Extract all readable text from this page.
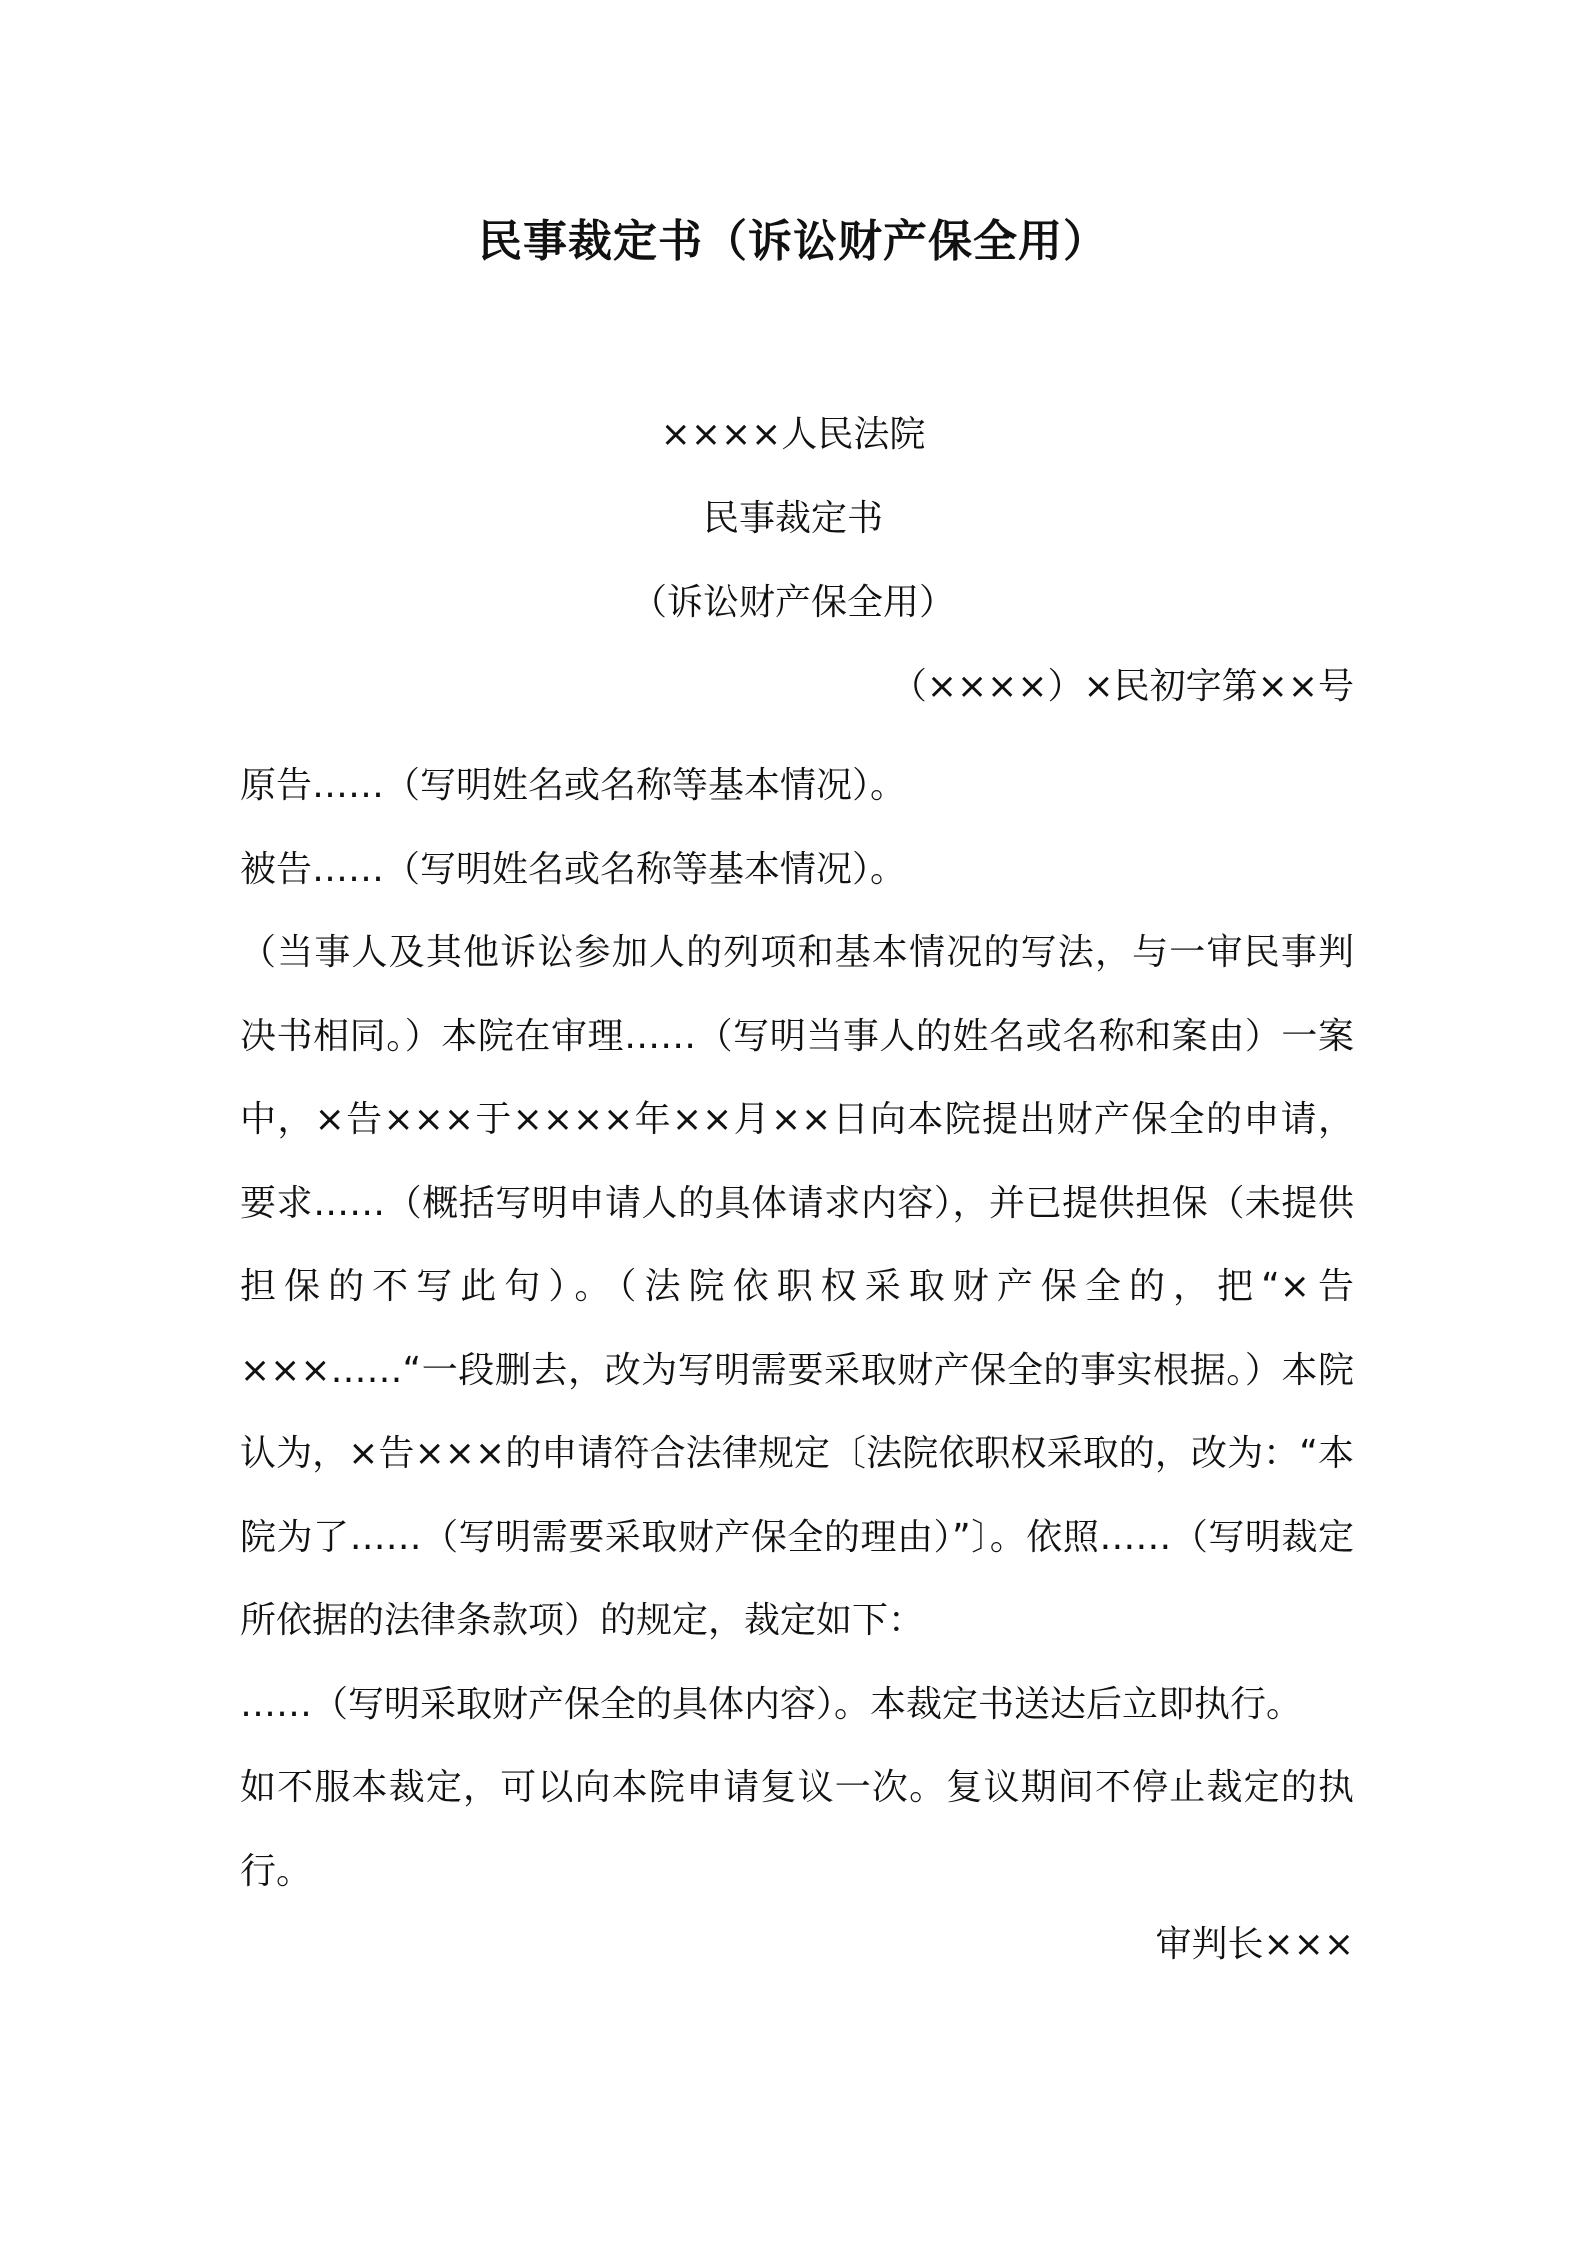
民事裁定书（诉讼财产保全用）
××××人民法院
民事裁定书
（诉讼财产保全用）
（××××）×民初字第××号

原告……（写明姓名或名称等基本情况）。

被告……（写明姓名或名称等基本情况）。

（当事人及其他诉讼参加人的列项和基本情况的写法，与一审民事判决书相同。）本院在审理……（写明当事人的姓名或名称和案由）一案中，×告×××于××××年××月××日向本院提出财产保全的申请，要求……（概括写明申请人的具体请求内容），并已提供担保（未提供担保的不写此句）。（法院依职权采取财产保全的，把“×告×××……“一段删去，改为写明需要采取财产保全的事实根据。）本院认为，×告×××的申请符合法律规定〔法院依职权采取的，改为：“本院为了……（写明需要采取财产保全的理由）”〕。依照……（写明裁定所依据的法律条款项）的规定，裁定如下：

……（写明采取财产保全的具体内容）。本裁定书送达后立即执行。

如不服本裁定，可以向本院申请复议一次。复议期间不停止裁定的执行。

审判长×××
